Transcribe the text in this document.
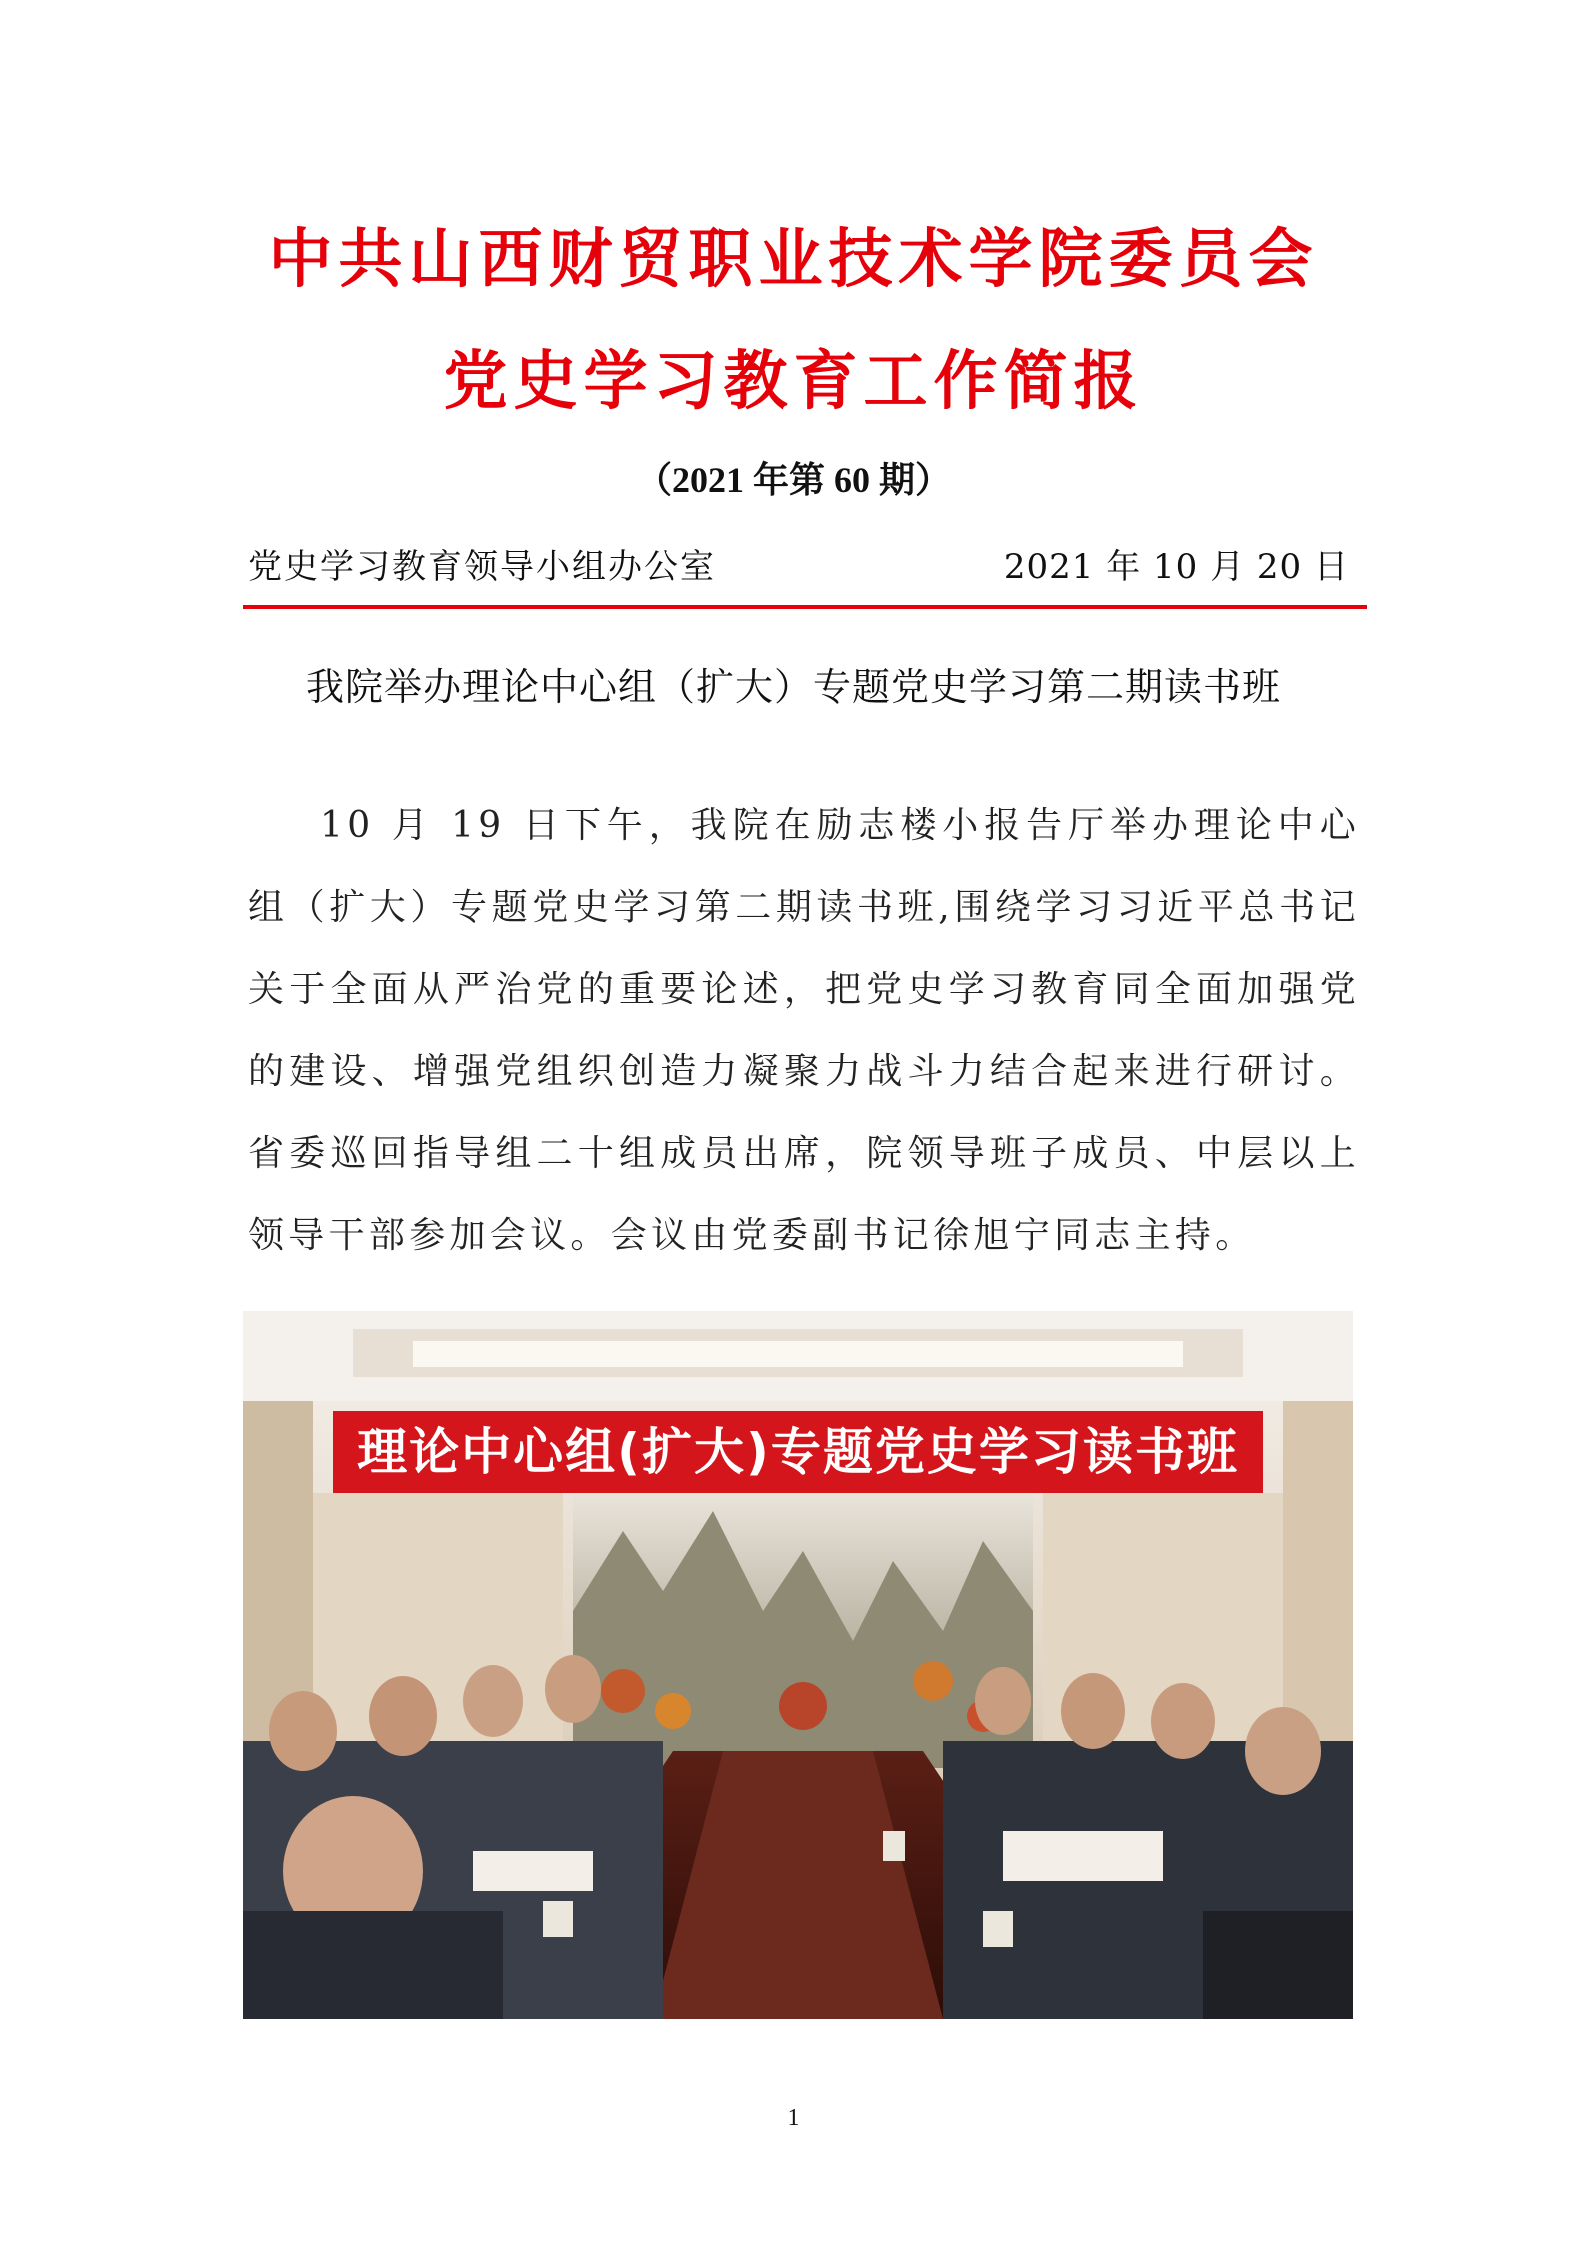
中共山西财贸职业技术学院委员会
党史学习教育工作简报
（2021 年第 60 期）
党史学习教育领导小组办公室	2021 年 10 月 20 日
我院举办理论中心组（扩大）专题党史学习第二期读书班
10 月 19 日下午，我院在励志楼小报告厅举办理论中心组（扩大）专题党史学习第二期读书班,围绕学习习近平总书记关于全面从严治党的重要论述，把党史学习教育同全面加强党的建设、增强党组织创造力凝聚力战斗力结合起来进行研讨。省委巡回指导组二十组成员出席，院领导班子成员、中层以上领导干部参加会议。会议由党委副书记徐旭宁同志主持。
理论中心组(扩大)专题党史学习读书班
1
